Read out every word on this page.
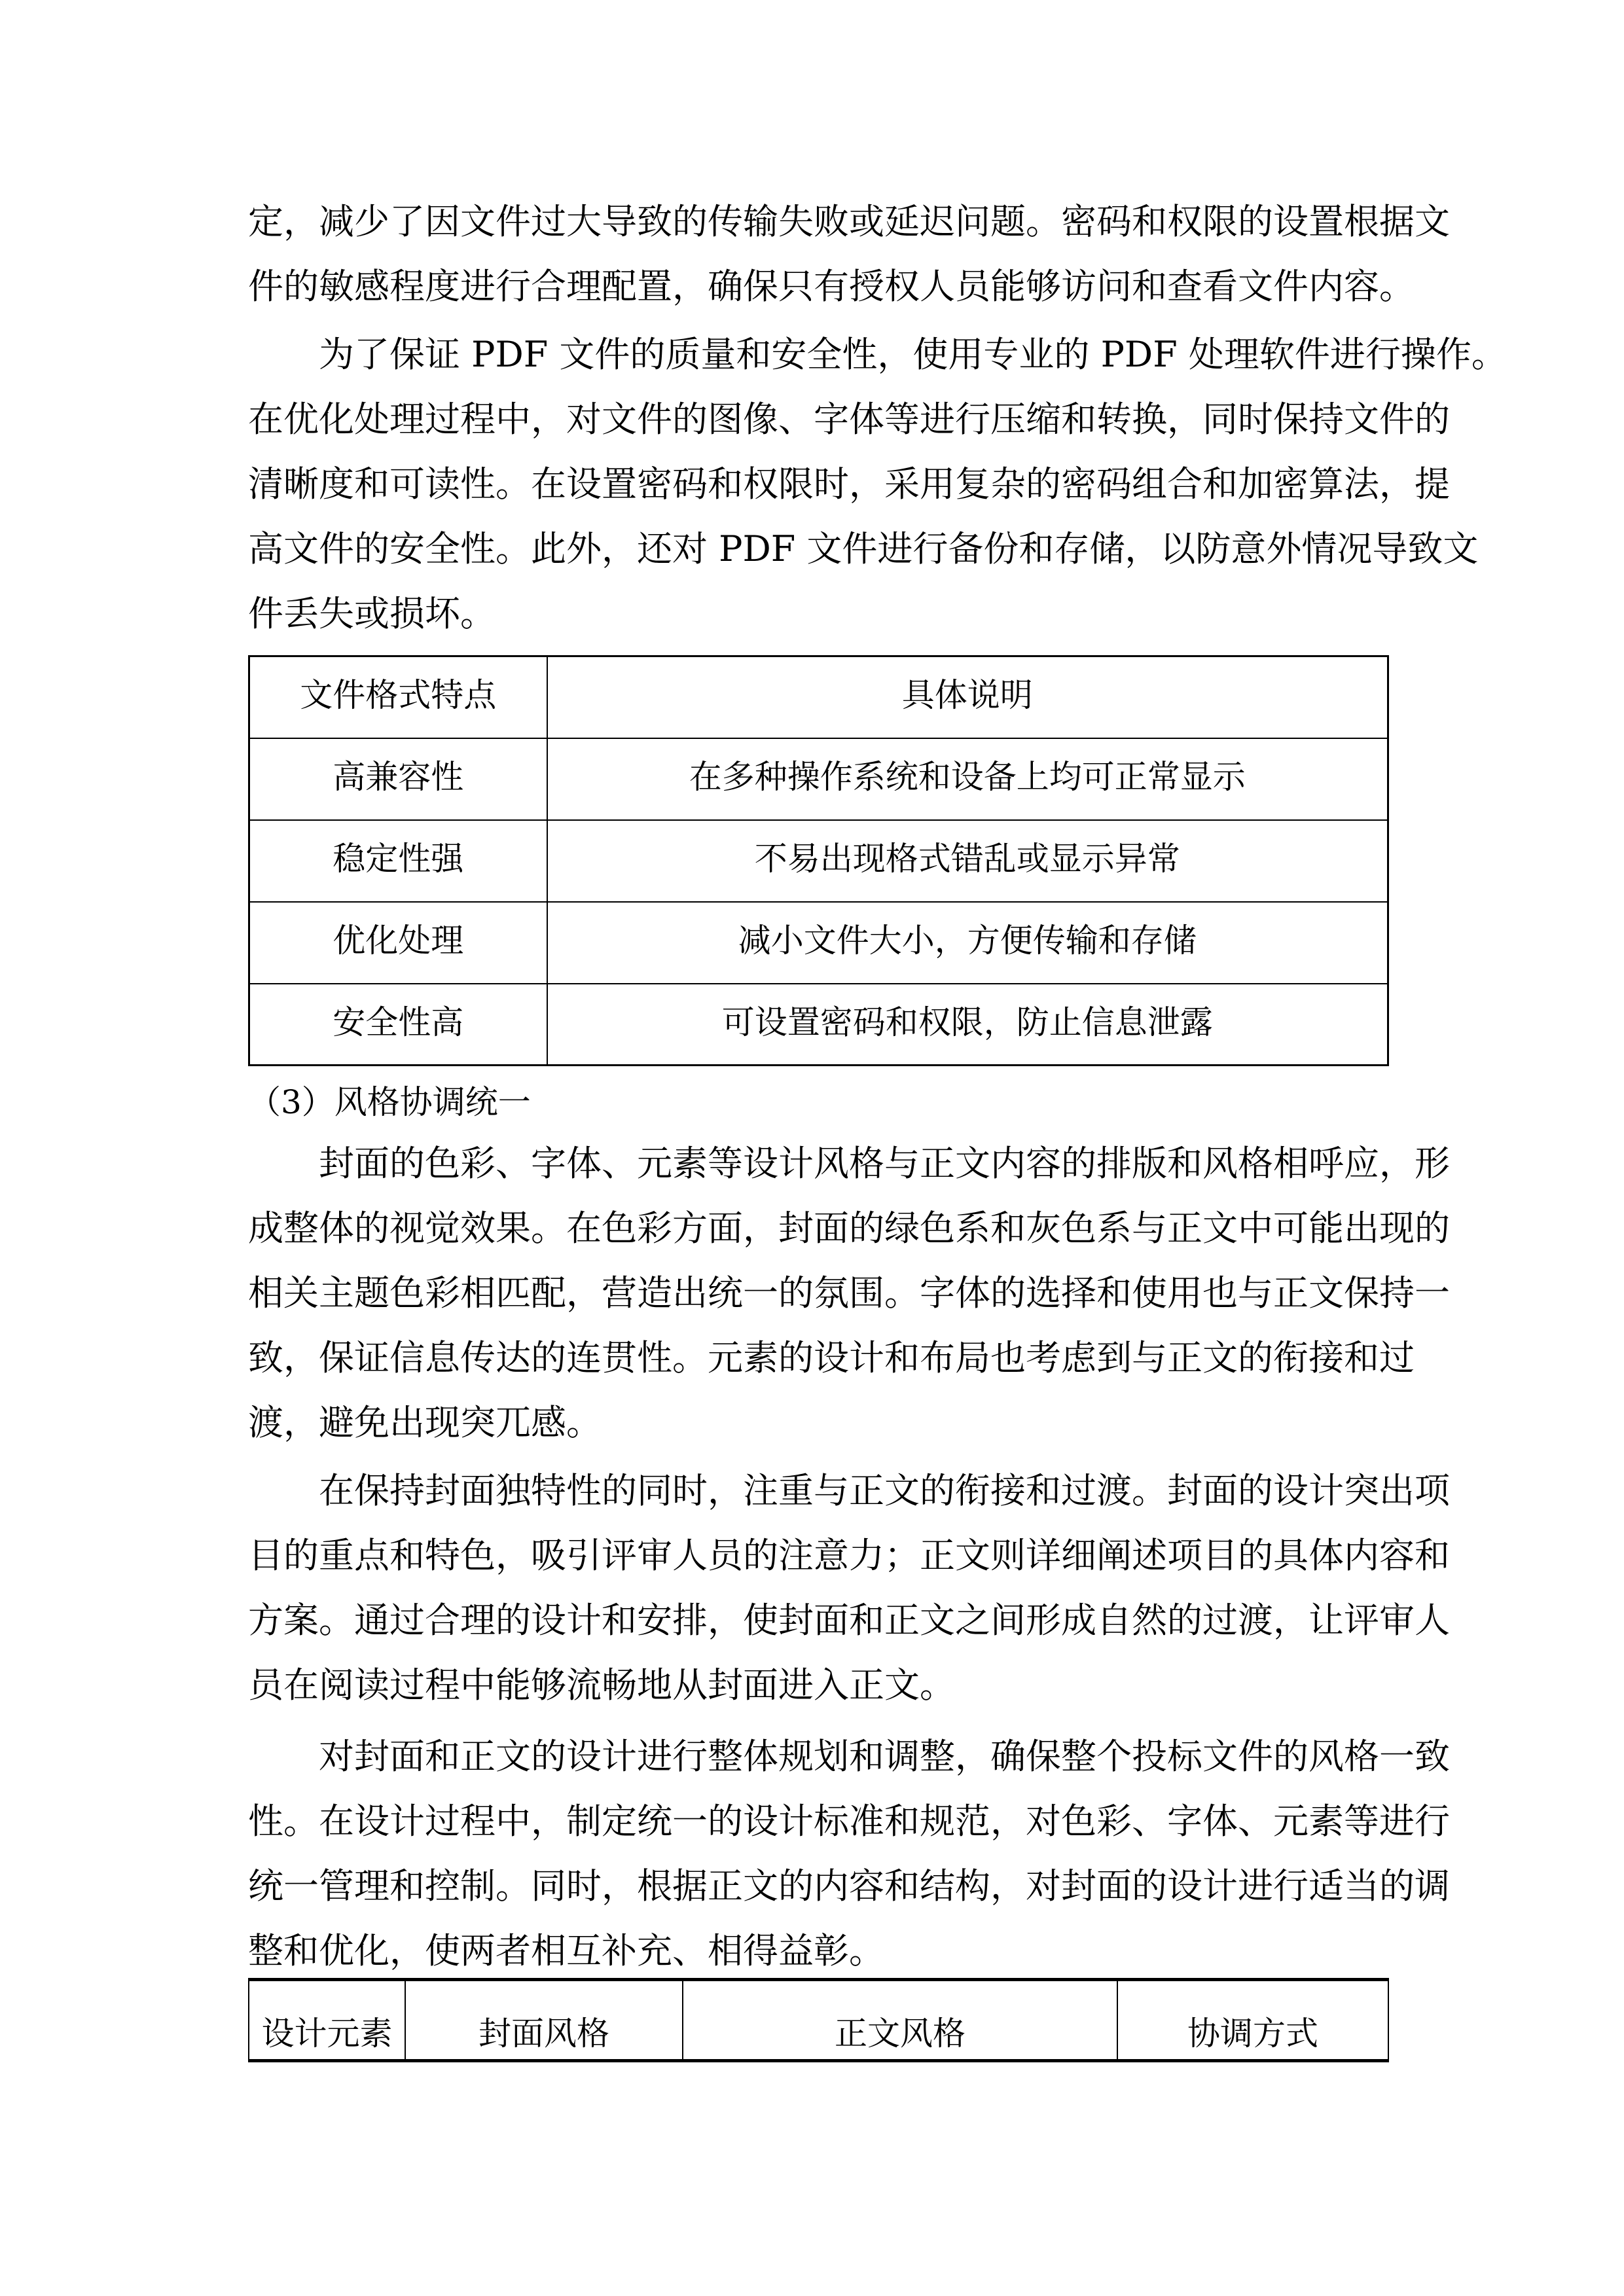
定，减少了因文件过大导致的传输失败或延迟问题。密码和权限的设置根据文
件的敏感程度进行合理配置，确保只有授权人员能够访问和查看文件内容。
为了保证 PDF 文件的质量和安全性，使用专业的 PDF 处理软件进行操作。
在优化处理过程中，对文件的图像、字体等进行压缩和转换，同时保持文件的
清晰度和可读性。在设置密码和权限时，采用复杂的密码组合和加密算法，提
高文件的安全性。此外，还对 PDF 文件进行备份和存储，以防意外情况导致文
件丢失或损坏。
文件格式特点	具体说明
高兼容性	在多种操作系统和设备上均可正常显示
稳定性强	不易出现格式错乱或显示异常
优化处理	减小文件大小，方便传输和存储
安全性高	可设置密码和权限，防止信息泄露
（3）风格协调统一
封面的色彩、字体、元素等设计风格与正文内容的排版和风格相呼应，形
成整体的视觉效果。在色彩方面，封面的绿色系和灰色系与正文中可能出现的
相关主题色彩相匹配，营造出统一的氛围。字体的选择和使用也与正文保持一
致，保证信息传达的连贯性。元素的设计和布局也考虑到与正文的衔接和过
渡，避免出现突兀感。
在保持封面独特性的同时，注重与正文的衔接和过渡。封面的设计突出项
目的重点和特色，吸引评审人员的注意力；正文则详细阐述项目的具体内容和
方案。通过合理的设计和安排，使封面和正文之间形成自然的过渡，让评审人
员在阅读过程中能够流畅地从封面进入正文。
对封面和正文的设计进行整体规划和调整，确保整个投标文件的风格一致
性。在设计过程中，制定统一的设计标准和规范，对色彩、字体、元素等进行
统一管理和控制。同时，根据正文的内容和结构，对封面的设计进行适当的调
整和优化，使两者相互补充、相得益彰。
设计元素	封面风格	正文风格	协调方式
